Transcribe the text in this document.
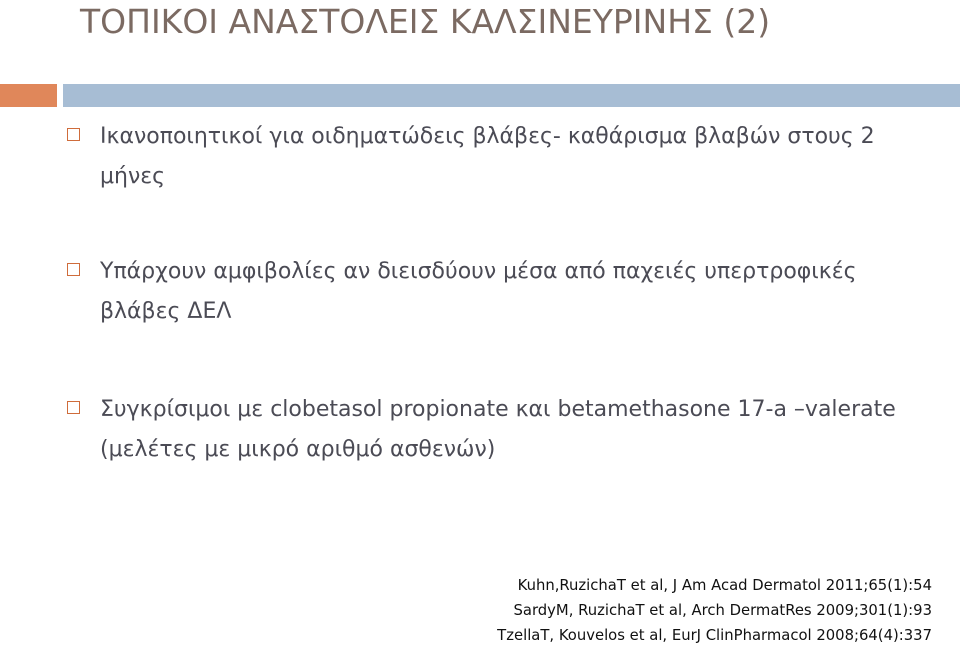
ΤΟΠΙΚΟΙ ΑΝΑΣΤΟΛΕΙΣ ΚΑΛΣΙΝΕΥΡΙΝΗΣ (2)
Ικανοποιητικοί για οιδηματώδεις βλάβες- καθάρισμα βλαβών στους 2 μήνες
Υπάρχουν αμφιβολίες αν διεισδύουν μέσα από παχειές υπερτροφικές βλάβες ΔΕΛ
Συγκρίσιμοι με clobetasol propionate και betamethasone 17-a –valerate (μελέτες με μικρό αριθμό ασθενών)
Kuhn,RuzichaT et al, J Am Acad Dermatol 2011;65(1):54
SardyM, RuzichaT et al, Arch DermatRes 2009;301(1):93
TzellaT, Kouvelos et al, EurJ ClinPharmacol 2008;64(4):337
